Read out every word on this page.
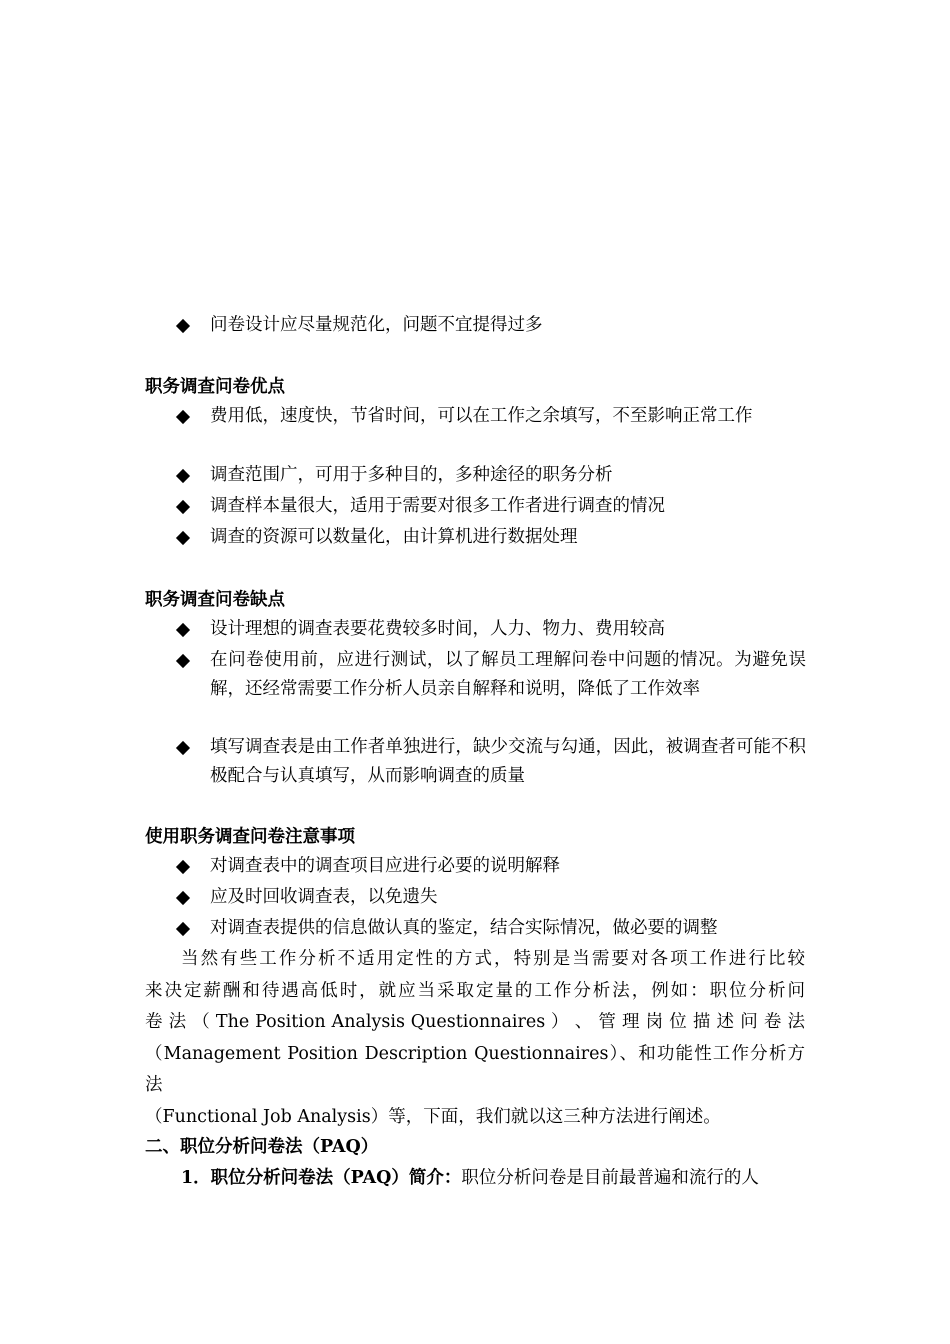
问卷设计应尽量规范化，问题不宜提得过多
职务调查问卷优点
费用低，速度快，节省时间，可以在工作之余填写，不至影响正常工作
调查范围广，可用于多种目的，多种途径的职务分析
调查样本量很大，适用于需要对很多工作者进行调查的情况
调查的资源可以数量化，由计算机进行数据处理
职务调查问卷缺点
设计理想的调查表要花费较多时间，人力、物力、费用较高
在问卷使用前，应进行测试，以了解员工理解问卷中问题的情况。为避免误解，还经常需要工作分析人员亲自解释和说明，降低了工作效率
填写调查表是由工作者单独进行，缺少交流与勾通，因此，被调查者可能不积极配合与认真填写，从而影响调查的质量
使用职务调查问卷注意事项
对调查表中的调查项目应进行必要的说明解释
应及时回收调查表，以免遗失
对调查表提供的信息做认真的鉴定，结合实际情况，做必要的调整
当然有些工作分析不适用定性的方式，特别是当需要对各项工作进行比较
来决定薪酬和待遇高低时，就应当采取定量的工作分析法，例如：职位分析问
卷 法 （ The Position Analysis Questionnaires ） 、 管 理 岗 位 描 述 问 卷 法
（Management Position Description Questionnaires）、和功能性工作分析方法
（Functional Job Analysis）等，下面，我们就以这三种方法进行阐述。
二、职位分析问卷法（PAQ）
1．职位分析问卷法（PAQ）简介：职位分析问卷是目前最普遍和流行的人
